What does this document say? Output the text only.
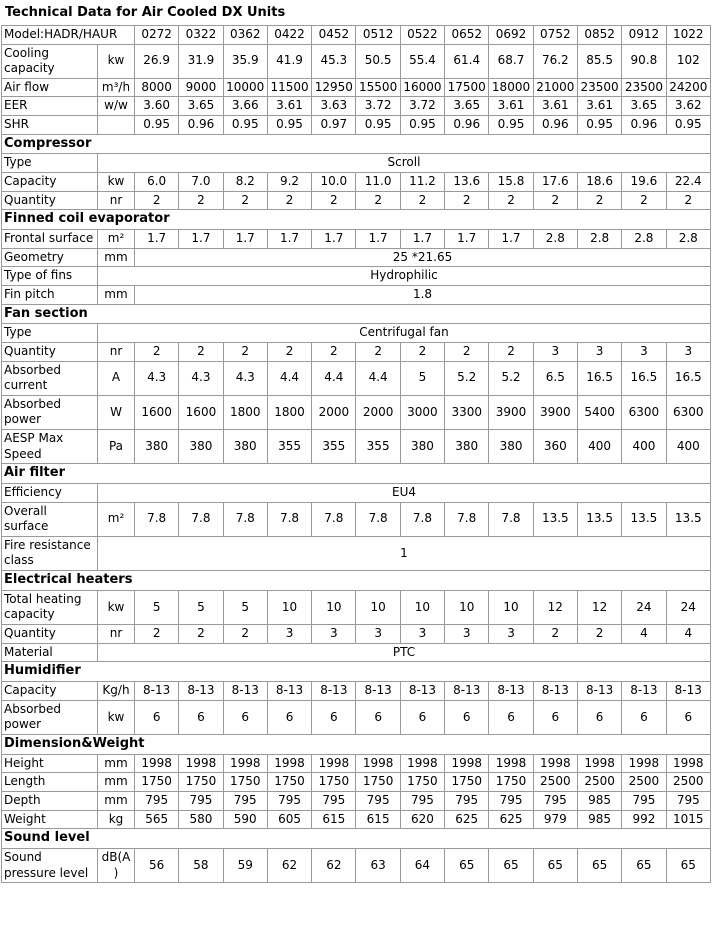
Technical Data for Air Cooled DX Units
Model:HADR/HAUR		0272	0322	0362	0422	0452	0512	0522	0652	0692	0752	0852	0912	1022
Cooling capacity	kw	26.9	31.9	35.9	41.9	45.3	50.5	55.4	61.4	68.7	76.2	85.5	90.8	102
Air flow	m³/h	8000	9000	10000	11500	12950	15500	16000	17500	18000	21000	23500	23500	24200
EER	w/w	3.60	3.65	3.66	3.61	3.63	3.72	3.72	3.65	3.61	3.61	3.61	3.65	3.62
SHR		0.95	0.96	0.95	0.95	0.97	0.95	0.95	0.96	0.95	0.96	0.95	0.96	0.95
Compressor														
Type	Scroll													
Capacity	kw	6.0	7.0	8.2	9.2	10.0	11.0	11.2	13.6	15.8	17.6	18.6	19.6	22.4
Quantity	nr	2	2	2	2	2	2	2	2	2	2	2	2	2
Finned coil evaporator														
Frontal surface	m²	1.7	1.7	1.7	1.7	1.7	1.7	1.7	1.7	1.7	2.8	2.8	2.8	2.8
Geometry	mm	25 *21.65												
Type of fins	Hydrophilic													
Fin pitch	mm	1.8												
Fan section														
Type	Centrifugal fan													
Quantity	nr	2	2	2	2	2	2	2	2	2	3	3	3	3
Absorbed current	A	4.3	4.3	4.3	4.4	4.4	4.4	5	5.2	5.2	6.5	16.5	16.5	16.5
Absorbed power	W	1600	1600	1800	1800	2000	2000	3000	3300	3900	3900	5400	6300	6300
AESP Max Speed	Pa	380	380	380	355	355	355	380	380	380	360	400	400	400
Air filter														
Efficiency	EU4													
Overall surface	m²	7.8	7.8	7.8	7.8	7.8	7.8	7.8	7.8	7.8	13.5	13.5	13.5	13.5
Fire resistance class	1													
Electrical heaters														
Total heating capacity	kw	5	5	5	10	10	10	10	10	10	12	12	24	24
Quantity	nr	2	2	2	3	3	3	3	3	3	2	2	4	4
Material	PTC													
Humidifier														
Capacity	Kg/h	8-13	8-13	8-13	8-13	8-13	8-13	8-13	8-13	8-13	8-13	8-13	8-13	8-13
Absorbed power	kw	6	6	6	6	6	6	6	6	6	6	6	6	6
Dimension&Weight														
Height	mm	1998	1998	1998	1998	1998	1998	1998	1998	1998	1998	1998	1998	1998
Length	mm	1750	1750	1750	1750	1750	1750	1750	1750	1750	2500	2500	2500	2500
Depth	mm	795	795	795	795	795	795	795	795	795	795	985	795	795
Weight	kg	565	580	590	605	615	615	620	625	625	979	985	992	1015
Sound level														
Sound pressure level	dB(A)	56	58	59	62	62	63	64	65	65	65	65	65	65
